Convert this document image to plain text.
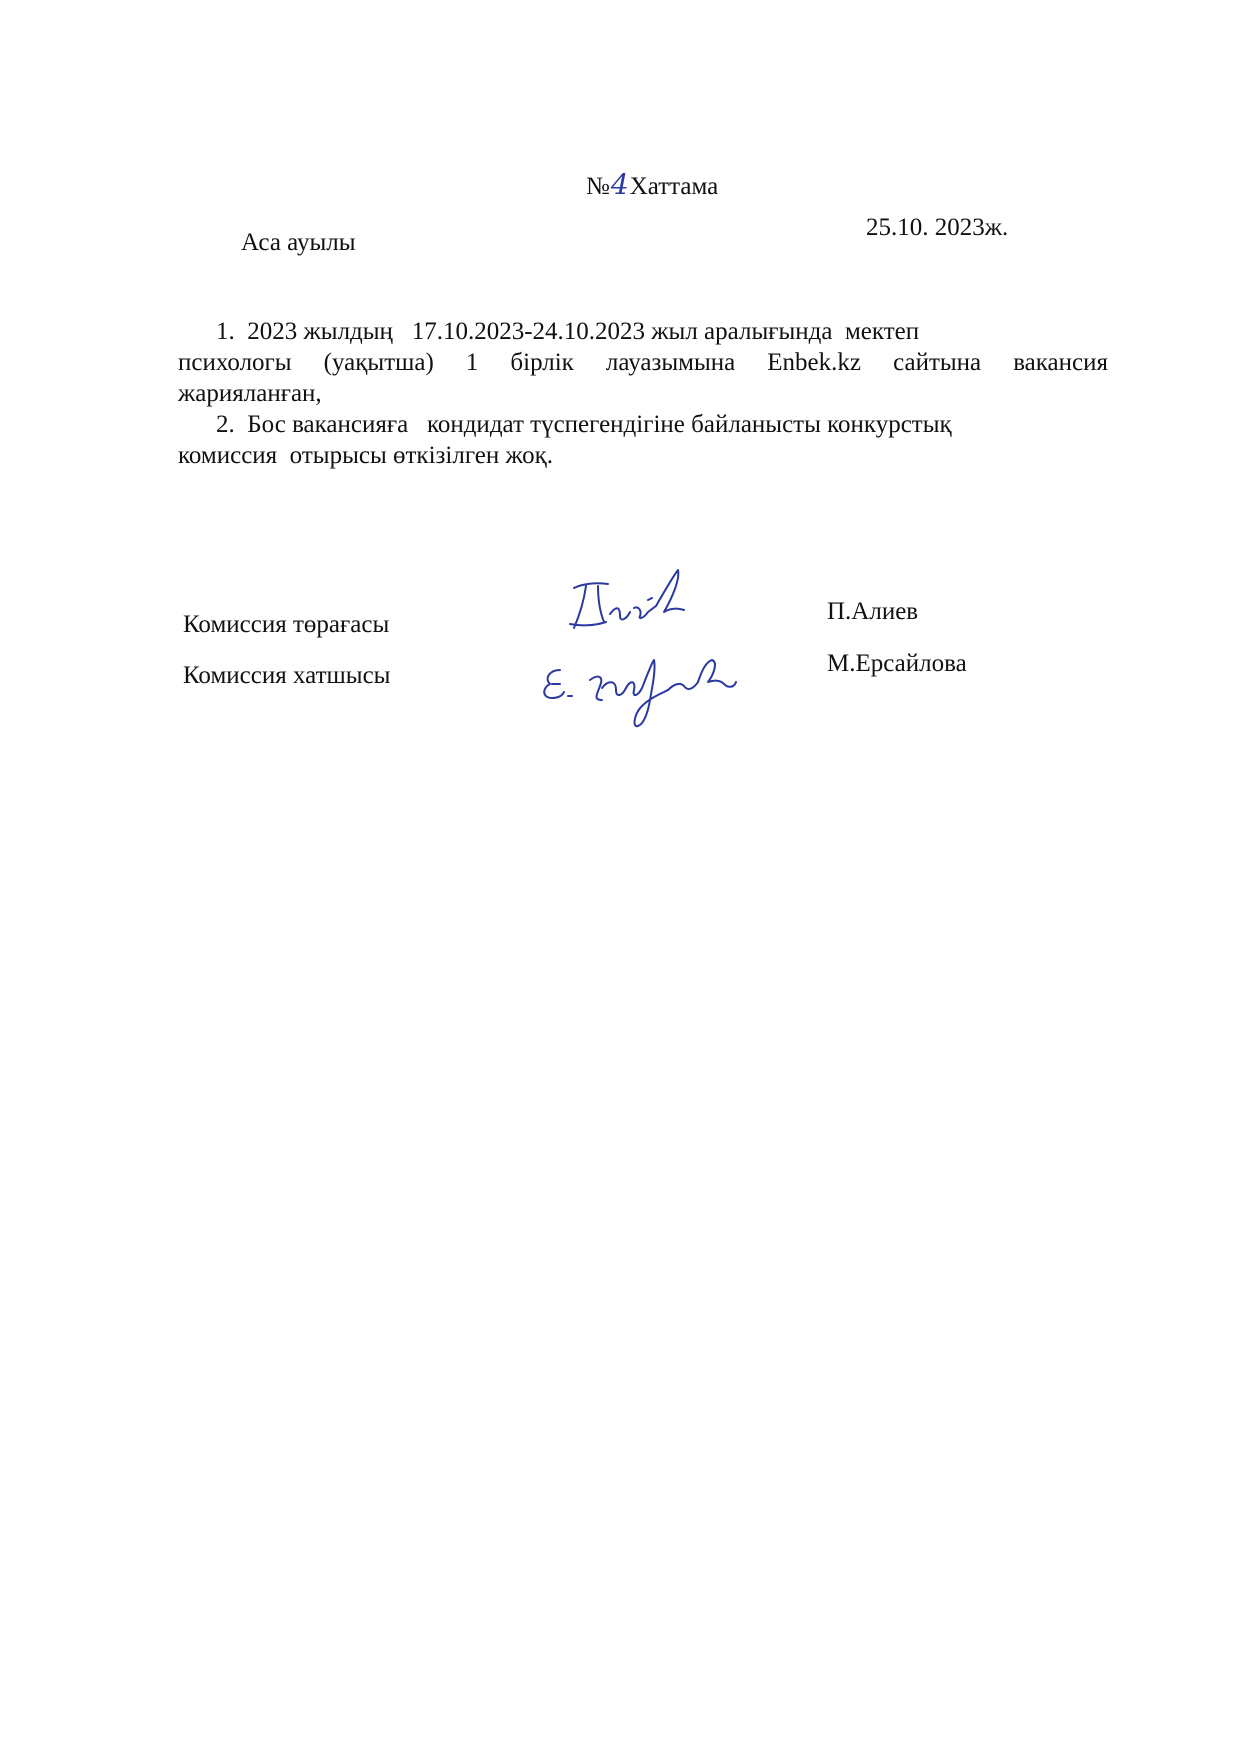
№4Хаттама
Аса ауылы
25.10. 2023ж.
1. 2023 жылдың   17.10.2023-24.10.2023 жыл аралығында  мектеп
психологы (уақытша) 1 бірлік лауазымына Enbek.kz сайтына вакансия
жарияланған,
2. Бос вакансияға   кондидат түспегендігіне байланысты конкурстық
комиссия  отырысы өткізілген жоқ.
Комиссия төрағасы	П.Алиев
Комиссия хатшысы	М.Ерсайлова
